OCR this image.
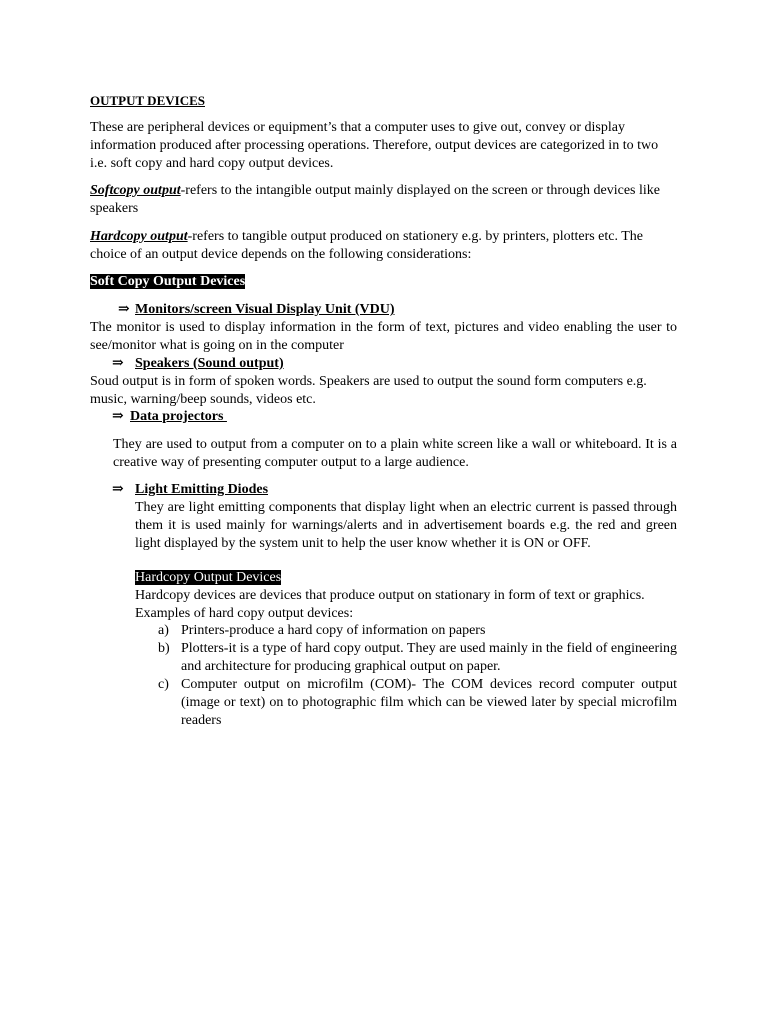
OUTPUT DEVICES

These are peripheral devices or equipment’s that a computer uses to give out, convey or display information produced after processing operations. Therefore, output devices are categorized in to two i.e. soft copy and hard copy output devices.

Softcopy output-refers to the intangible output mainly displayed on the screen or through devices like speakers

Hardcopy output-refers to tangible output produced on stationery e.g. by printers, plotters etc. The choice of an output device depends on the following considerations:

Soft Copy Output Devices

⇒ Monitors/screen Visual Display Unit (VDU)

The monitor is used to display information in the form of text, pictures and video enabling the user to see/monitor what is going on in the computer

⇒ Speakers (Sound output)

Soud output is in form of spoken words. Speakers are used to output the sound form computers e.g. music, warning/beep sounds, videos etc.

⇒ Data projectors

They are used to output from a computer on to a plain white screen like a wall or whiteboard. It is a creative way of presenting computer output to a large audience.

⇒ Light Emitting Diodes

They are light emitting components that display light when an electric current is passed through them it is used mainly for warnings/alerts and in advertisement boards e.g. the red and green light displayed by the system unit to help the user know whether it is ON or OFF.

Hardcopy Output Devices

Hardcopy devices are devices that produce output on stationary in form of text or graphics.

Examples of hard copy output devices:

a) Printers-produce a hard copy of information on papers
b) Plotters-it is a type of hard copy output. They are used mainly in the field of engineering and architecture for producing graphical output on paper.
c) Computer output on microfilm (COM)- The COM devices record computer output (image or text) on to photographic film which can be viewed later by special microfilm readers
